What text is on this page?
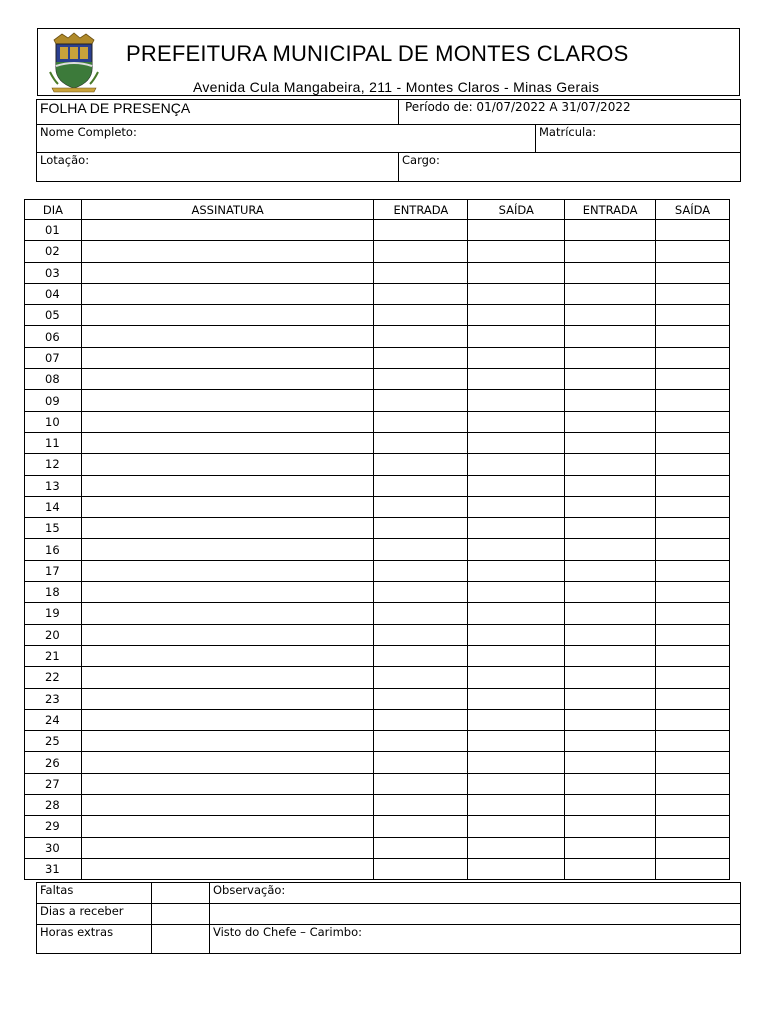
PREFEITURA MUNICIPAL DE MONTES CLAROS
Avenida Cula Mangabeira, 211 - Montes Claros - Minas Gerais
FOLHA DE PRESENÇA	Período de: 01/07/2022 A 31/07/2022	
Nome Completo:		Matrícula:
Lotação:	Cargo:	
DIA	ASSINATURA	ENTRADA	SAÍDA	ENTRADA	SAÍDA
01					
02					
03					
04					
05					
06					
07					
08					
09					
10					
11					
12					
13					
14					
15					
16					
17					
18					
19					
20					
21					
22					
23					
24					
25					
26					
27					
28					
29					
30					
31					
Faltas		Observação:
Dias a receber		
Horas extras		Visto do Chefe – Carimbo:
